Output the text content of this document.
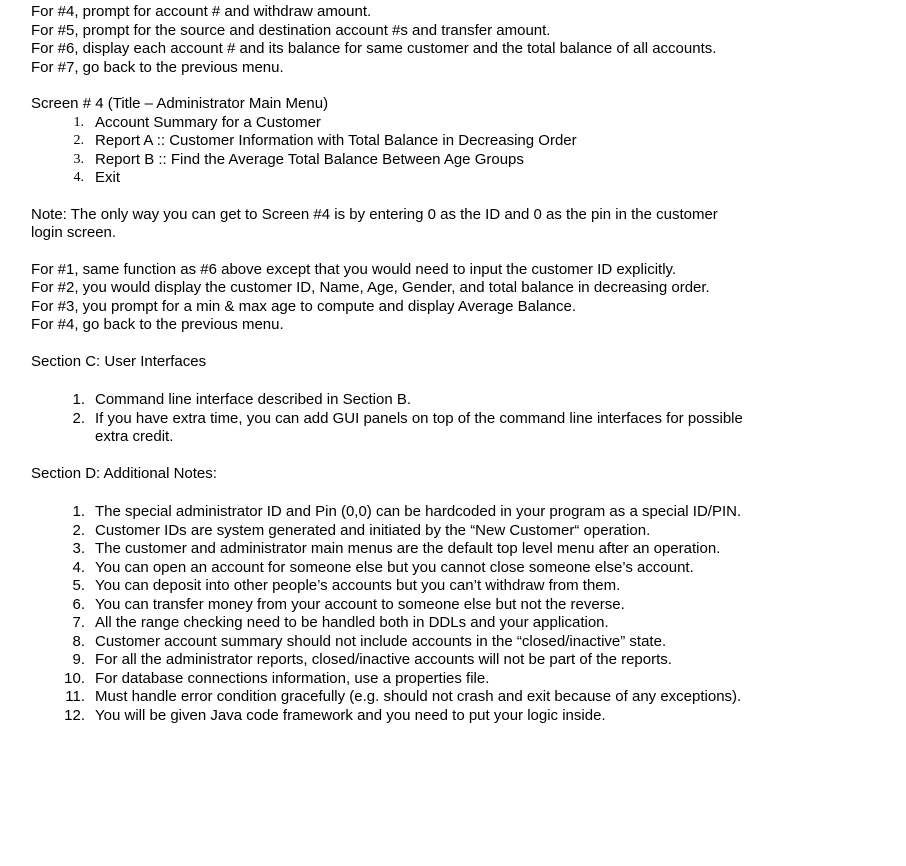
For #4, prompt for account # and withdraw amount.
For #5, prompt for the source and destination account #s and transfer amount.
For #6, display each account # and its balance for same customer and the total balance of all accounts.
For #7, go back to the previous menu.
Screen # 4 (Title – Administrator Main Menu)
1. Account Summary for a Customer
2. Report A :: Customer Information with Total Balance in Decreasing Order
3. Report B :: Find the Average Total Balance Between Age Groups
4. Exit
Note: The only way you can get to Screen #4 is by entering 0 as the ID and 0 as the pin in the customer
login screen.
For #1, same function as #6 above except that you would need to input the customer ID explicitly.
For #2, you would display the customer ID, Name, Age, Gender, and total balance in decreasing order.
For #3, you prompt for a min & max age to compute and display Average Balance.
For #4, go back to the previous menu.
Section C: User Interfaces
1. Command line interface described in Section B.
2. If you have extra time, you can add GUI panels on top of the command line interfaces for possible
extra credit.
Section D: Additional Notes:
1. The special administrator ID and Pin (0,0) can be hardcoded in your program as a special ID/PIN.
2. Customer IDs are system generated and initiated by the “New Customer“ operation.
3. The customer and administrator main menus are the default top level menu after an operation.
4. You can open an account for someone else but you cannot close someone else’s account.
5. You can deposit into other people’s accounts but you can’t withdraw from them.
6. You can transfer money from your account to someone else but not the reverse.
7. All the range checking need to be handled both in DDLs and your application.
8. Customer account summary should not include accounts in the “closed/inactive” state.
9. For all the administrator reports, closed/inactive accounts will not be part of the reports.
10. For database connections information, use a properties file.
11. Must handle error condition gracefully (e.g. should not crash and exit because of any exceptions).
12. You will be given Java code framework and you need to put your logic inside.
